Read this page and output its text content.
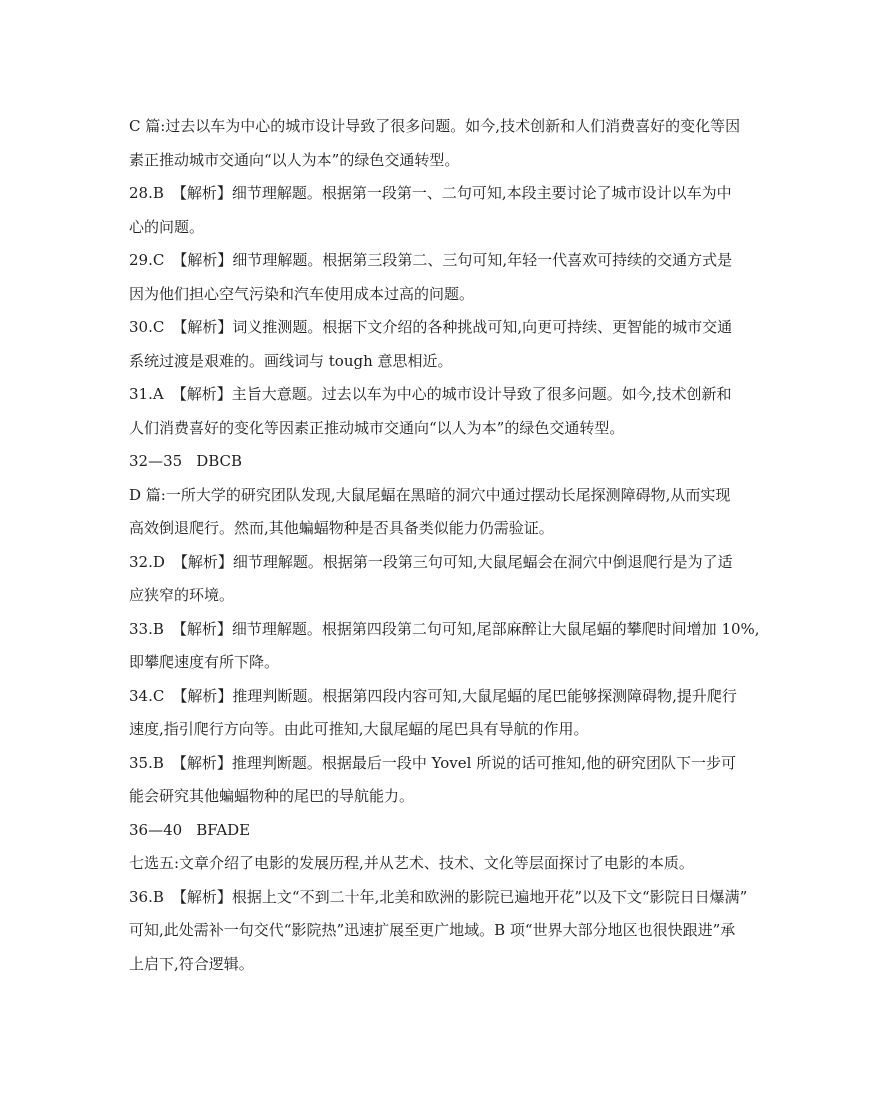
C 篇:过去以车为中心的城市设计导致了很多问题。如今,技术创新和人们消费喜好的变化等因
素正推动城市交通向“以人为本”的绿色交通转型。
28.B 【解析】细节理解题。根据第一段第一、二句可知,本段主要讨论了城市设计以车为中
心的问题。
29.C 【解析】细节理解题。根据第三段第二、三句可知,年轻一代喜欢可持续的交通方式是
因为他们担心空气污染和汽车使用成本过高的问题。
30.C 【解析】词义推测题。根据下文介绍的各种挑战可知,向更可持续、更智能的城市交通
系统过渡是艰难的。画线词与 tough 意思相近。
31.A 【解析】主旨大意题。过去以车为中心的城市设计导致了很多问题。如今,技术创新和
人们消费喜好的变化等因素正推动城市交通向“以人为本”的绿色交通转型。
32—35 DBCB
D 篇:一所大学的研究团队发现,大鼠尾蝠在黑暗的洞穴中通过摆动长尾探测障碍物,从而实现
高效倒退爬行。然而,其他蝙蝠物种是否具备类似能力仍需验证。
32.D 【解析】细节理解题。根据第一段第三句可知,大鼠尾蝠会在洞穴中倒退爬行是为了适
应狭窄的环境。
33.B 【解析】细节理解题。根据第四段第二句可知,尾部麻醉让大鼠尾蝠的攀爬时间增加 10%,
即攀爬速度有所下降。
34.C 【解析】推理判断题。根据第四段内容可知,大鼠尾蝠的尾巴能够探测障碍物,提升爬行
速度,指引爬行方向等。由此可推知,大鼠尾蝠的尾巴具有导航的作用。
35.B 【解析】推理判断题。根据最后一段中 Yovel 所说的话可推知,他的研究团队下一步可
能会研究其他蝙蝠物种的尾巴的导航能力。
36—40 BFADE
七选五:文章介绍了电影的发展历程,并从艺术、技术、文化等层面探讨了电影的本质。
36.B 【解析】根据上文“不到二十年,北美和欧洲的影院已遍地开花”以及下文“影院日日爆满”
可知,此处需补一句交代“影院热”迅速扩展至更广地域。B 项“世界大部分地区也很快跟进”承
上启下,符合逻辑。
